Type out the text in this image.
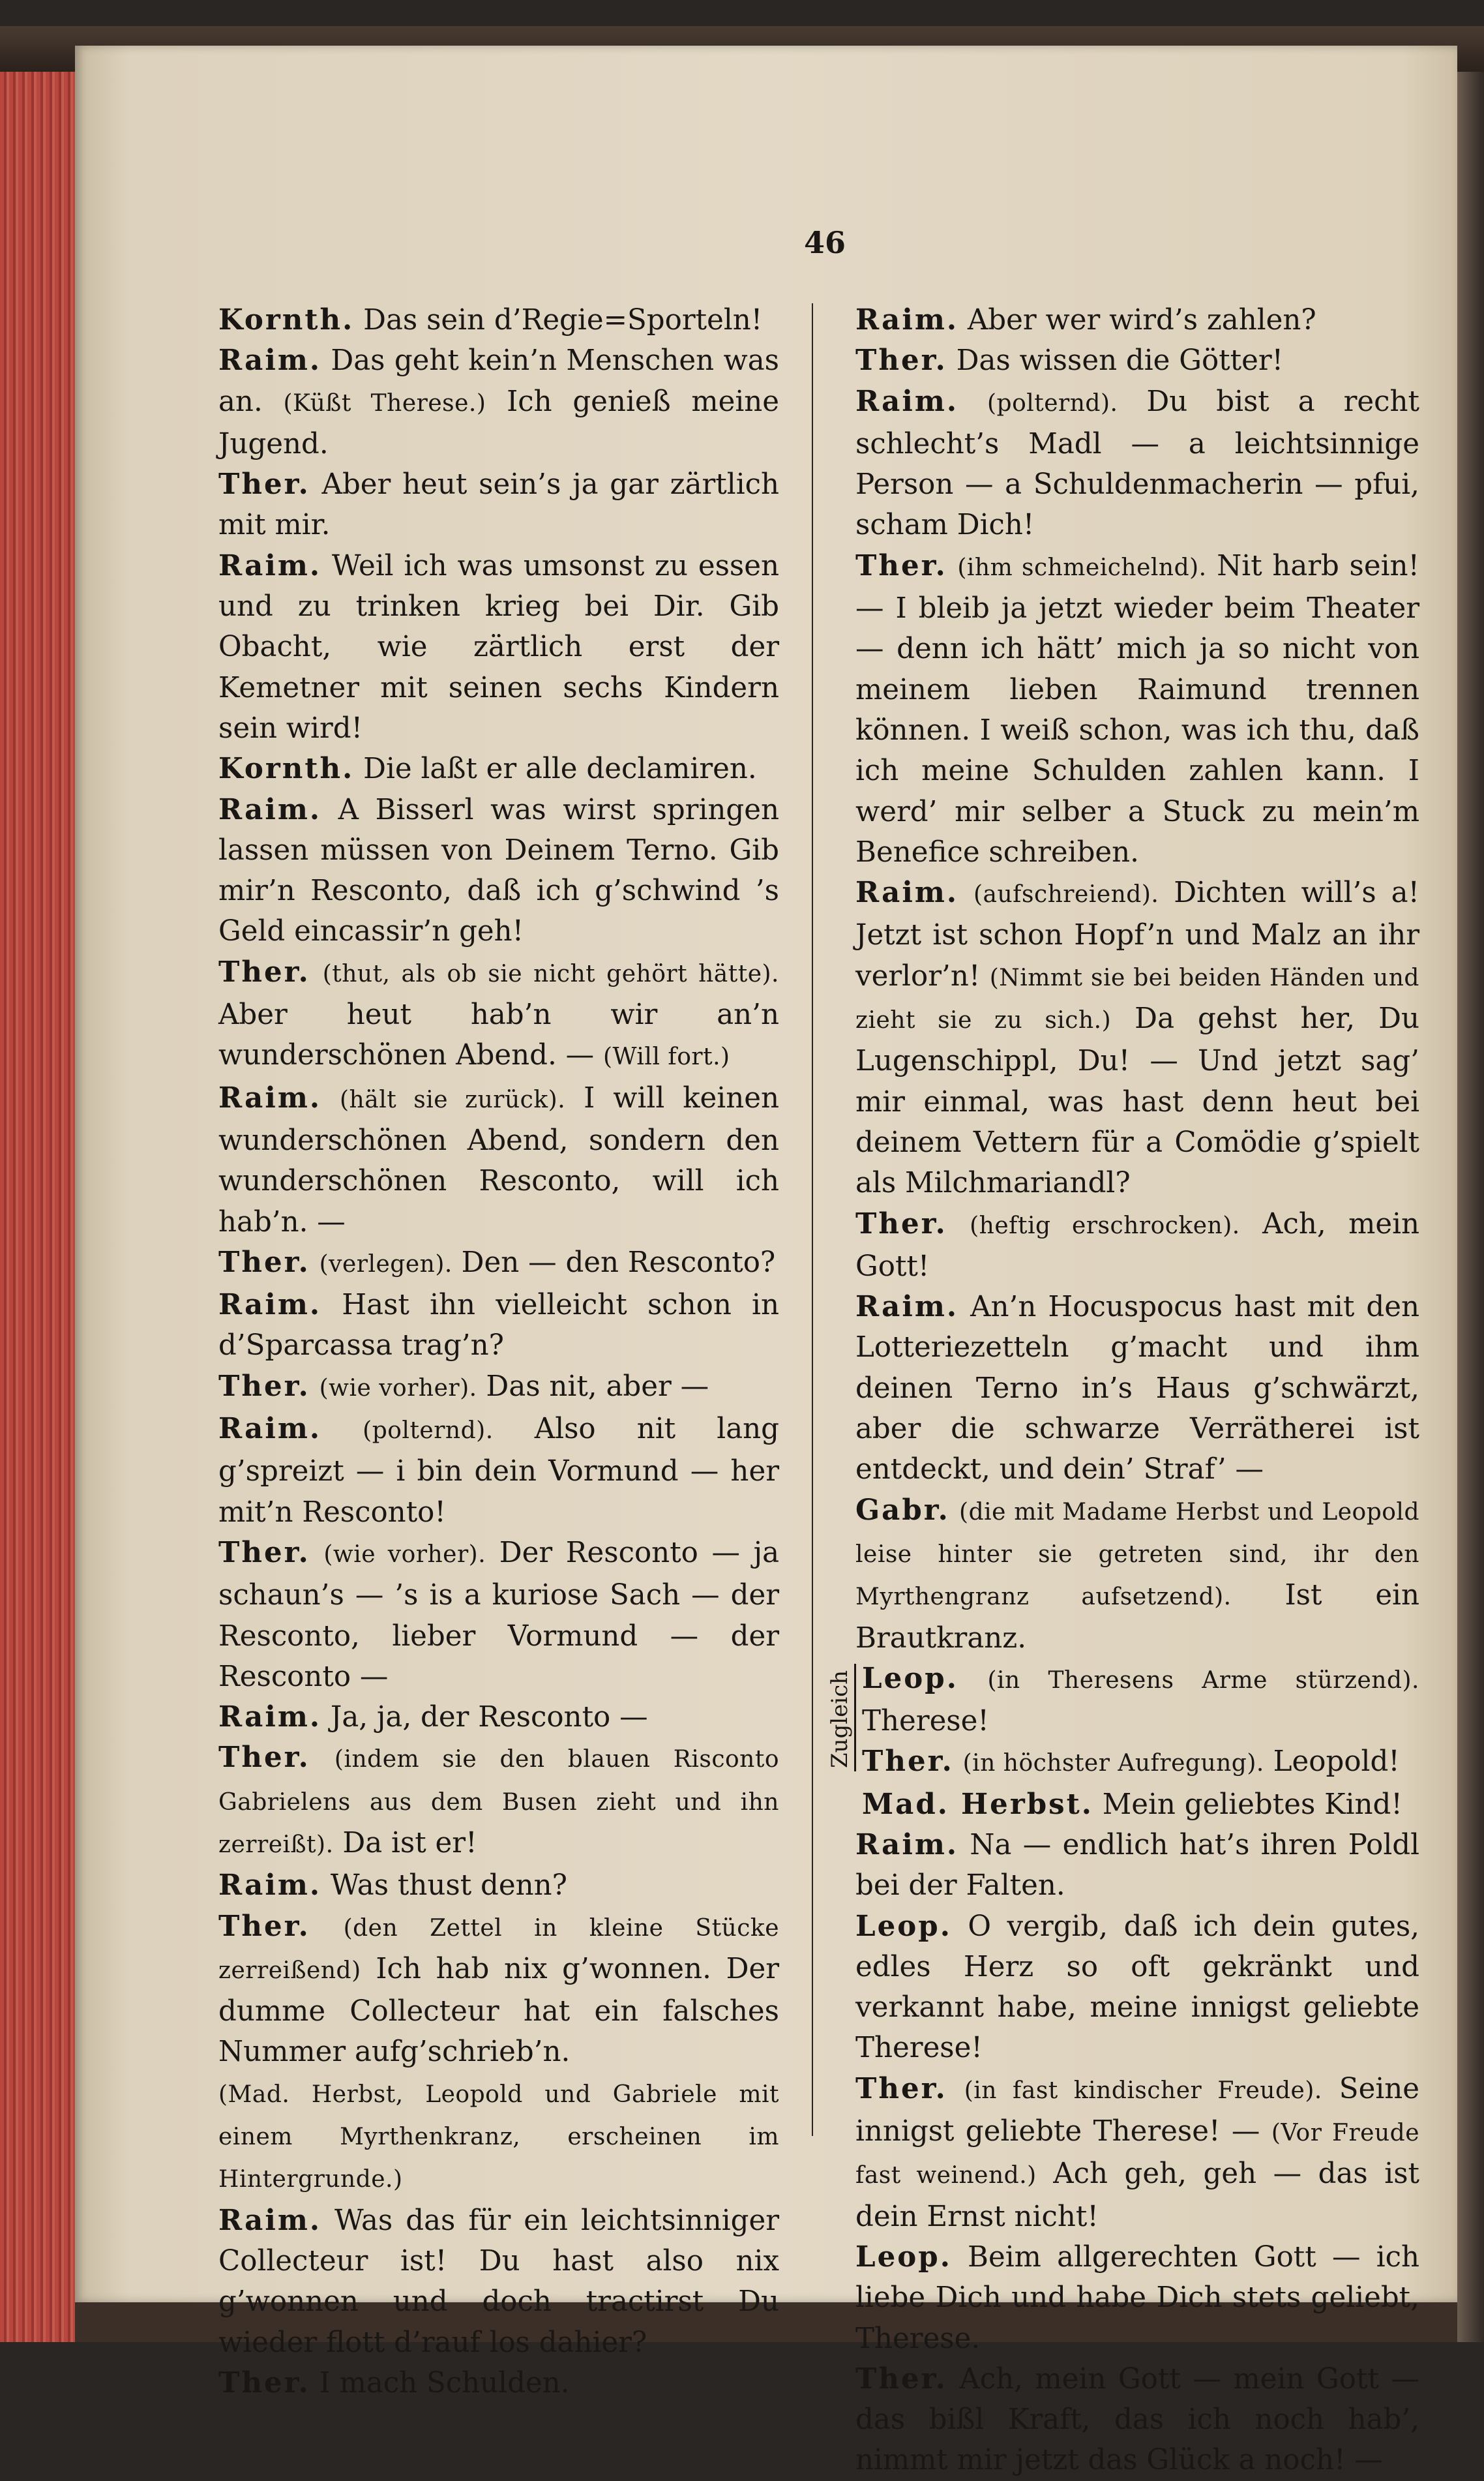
46

Kornth. Das sein d’Regie=Sporteln!

Raim. Das geht kein’n Menschen was an. (Küßt Therese.) Ich genieß meine Jugend.

Ther. Aber heut sein’s ja gar zärtlich mit mir.

Raim. Weil ich was umsonst zu essen und zu trinken krieg bei Dir. Gib Obacht, wie zärtlich erst der Kemetner mit seinen sechs Kindern sein wird!

Kornth. Die laßt er alle declamiren.

Raim. A Bisserl was wirst springen lassen müssen von Deinem Terno. Gib mir’n Resconto, daß ich g’schwind ’s Geld eincassir’n geh!

Ther. (thut, als ob sie nicht gehört hätte). Aber heut hab’n wir an’n wunderschönen Abend. — (Will fort.)

Raim. (hält sie zurück). I will keinen wunderschönen Abend, sondern den wunderschönen Resconto, will ich hab’n. —

Ther. (verlegen). Den — den Resconto?

Raim. Hast ihn vielleicht schon in d’Sparcassa trag’n?

Ther. (wie vorher). Das nit, aber —

Raim. (polternd). Also nit lang g’spreizt — i bin dein Vormund — her mit’n Resconto!

Ther. (wie vorher). Der Resconto — ja schaun’s — ’s is a kuriose Sach — der Resconto, lieber Vormund — der Resconto —

Raim. Ja, ja, der Resconto —

Ther. (indem sie den blauen Risconto Gabrielens aus dem Busen zieht und ihn zerreißt). Da ist er!

Raim. Was thust denn?

Ther. (den Zettel in kleine Stücke zerreißend) Ich hab nix g’wonnen. Der dumme Collecteur hat ein falsches Nummer aufg’schrieb’n.

(Mad. Herbst, Leopold und Gabriele mit einem Myrthenkranz, erscheinen im Hintergrunde.)

Raim. Was das für ein leichtsinniger Collecteur ist! Du hast also nix g’wonnen und doch tractirst Du wieder flott d’rauf los dahier?

Ther. I mach Schulden.

Raim. Aber wer wird’s zahlen?

Ther. Das wissen die Götter!

Raim. (polternd). Du bist a recht schlecht’s Madl — a leichtsinnige Person — a Schuldenmacherin — pfui, scham Dich!

Ther. (ihm schmeichelnd). Nit harb sein! — I bleib ja jetzt wieder beim Theater — denn ich hätt’ mich ja so nicht von meinem lieben Raimund trennen können. I weiß schon, was ich thu, daß ich meine Schulden zahlen kann. I werd’ mir selber a Stuck zu mein’m Benefice schreiben.

Raim. (aufschreiend). Dichten will’s a! Jetzt ist schon Hopf’n und Malz an ihr verlor’n! (Nimmt sie bei beiden Händen und zieht sie zu sich.) Da gehst her, Du Lugenschippl, Du! — Und jetzt sag’ mir einmal, was hast denn heut bei deinem Vettern für a Comödie g’spielt als Milchmariandl?

Ther. (heftig erschrocken). Ach, mein Gott!

Raim. An’n Hocuspocus hast mit den Lotteriezetteln g’macht und ihm deinen Terno in’s Haus g’schwärzt, aber die schwarze Verrätherei ist entdeckt, und dein’ Straf’ —

Gabr. (die mit Madame Herbst und Leopold leise hinter sie getreten sind, ihr den Myrthengranz aufsetzend). Ist ein Brautkranz.

Zugleich Leop. (in Theresens Arme stürzend). Therese!

Ther. (in höchster Aufregung). Leopold!

Mad. Herbst. Mein geliebtes Kind!

Raim. Na — endlich hat’s ihren Poldl bei der Falten.

Leop. O vergib, daß ich dein gutes, edles Herz so oft gekränkt und verkannt habe, meine innigst geliebte Therese!

Ther. (in fast kindischer Freude). Seine innigst geliebte Therese! — (Vor Freude fast weinend.) Ach geh, geh — das ist dein Ernst nicht!

Leop. Beim allgerechten Gott — ich liebe Dich und habe Dich stets geliebt, Therese.

Ther. Ach, mein Gott — mein Gott — das bißl Kraft, das ich noch hab’, nimmt mir jetzt das Glück a noch! —
